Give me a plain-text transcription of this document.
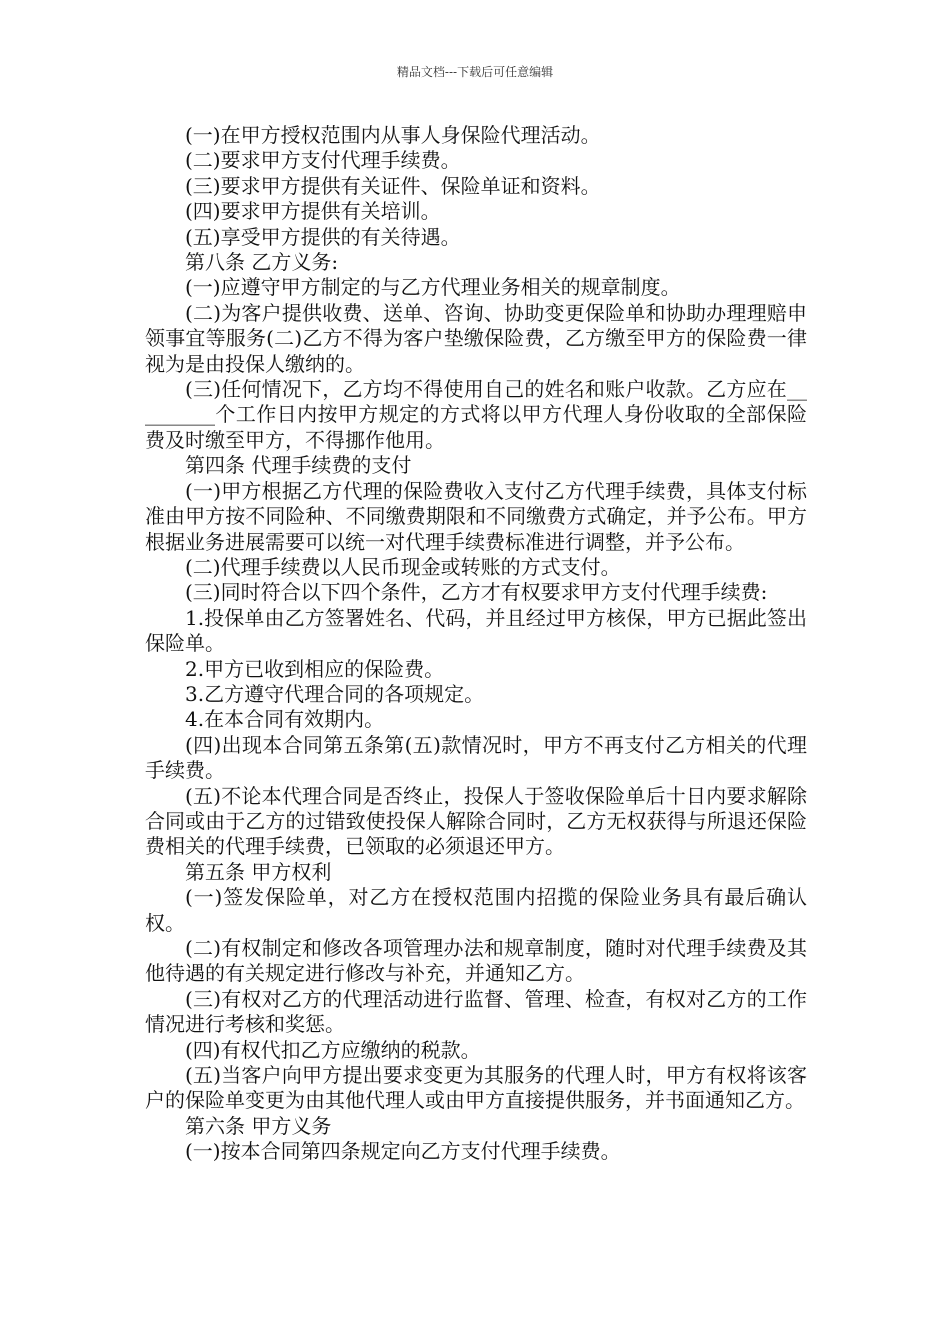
精品文档---下载后可任意编辑

(一)在甲方授权范围内从事人身保险代理活动。

(二)要求甲方支付代理手续费。

(三)要求甲方提供有关证件、保险单证和资料。

(四)要求甲方提供有关培训。

(五)享受甲方提供的有关待遇。

第八条 乙方义务:

(一)应遵守甲方制定的与乙方代理业务相关的规章制度。

(二)为客户提供收费、送单、咨询、协助变更保险单和协助办理理赔申领事宜等服务(二)乙方不得为客户垫缴保险费，乙方缴至甲方的保险费一律视为是由投保人缴纳的。

(三)任何情况下，乙方均不得使用自己的姓名和账户收款。乙方应在_________个工作日内按甲方规定的方式将以甲方代理人身份收取的全部保险费及时缴至甲方，不得挪作他用。

第四条 代理手续费的支付

(一)甲方根据乙方代理的保险费收入支付乙方代理手续费，具体支付标准由甲方按不同险种、不同缴费期限和不同缴费方式确定，并予公布。甲方根据业务进展需要可以统一对代理手续费标准进行调整，并予公布。

(二)代理手续费以人民币现金或转账的方式支付。

(三)同时符合以下四个条件，乙方才有权要求甲方支付代理手续费:

1.投保单由乙方签署姓名、代码，并且经过甲方核保，甲方已据此签出保险单。

2.甲方已收到相应的保险费。

3.乙方遵守代理合同的各项规定。

4.在本合同有效期内。

(四)出现本合同第五条第(五)款情况时，甲方不再支付乙方相关的代理手续费。

(五)不论本代理合同是否终止，投保人于签收保险单后十日内要求解除合同或由于乙方的过错致使投保人解除合同时，乙方无权获得与所退还保险费相关的代理手续费，已领取的必须退还甲方。

第五条 甲方权利

(一)签发保险单，对乙方在授权范围内招揽的保险业务具有最后确认权。

(二)有权制定和修改各项管理办法和规章制度，随时对代理手续费及其他待遇的有关规定进行修改与补充，并通知乙方。

(三)有权对乙方的代理活动进行监督、管理、检查，有权对乙方的工作情况进行考核和奖惩。

(四)有权代扣乙方应缴纳的税款。

(五)当客户向甲方提出要求变更为其服务的代理人时，甲方有权将该客户的保险单变更为由其他代理人或由甲方直接提供服务，并书面通知乙方。

第六条 甲方义务

(一)按本合同第四条规定向乙方支付代理手续费。
